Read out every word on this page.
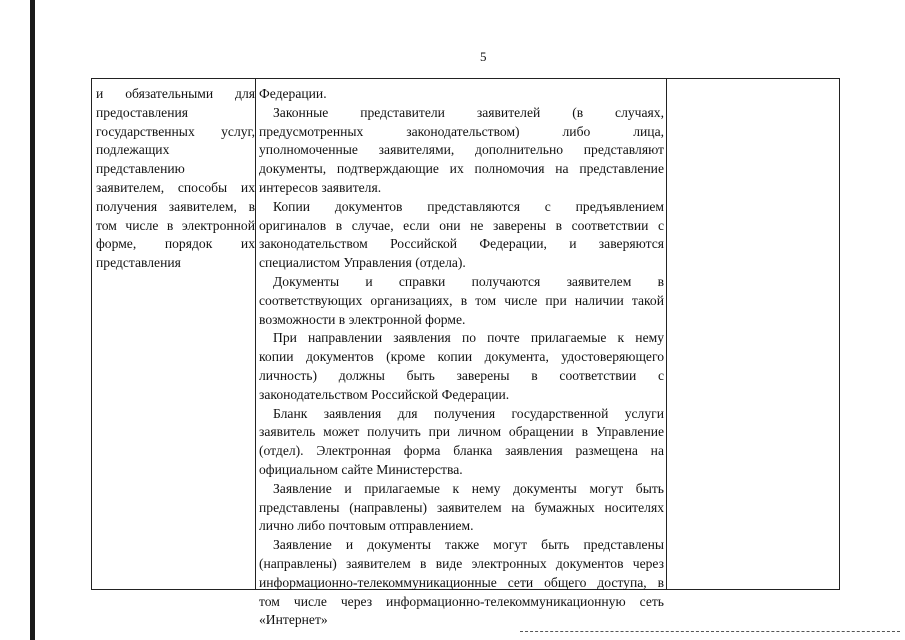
5
и обязательными для
предоставления
государственных услуг,
подлежащих
представлению
заявителем, способы их
получения заявителем, в
том числе в электронной
форме, порядок их
представления
Федерации.
Законные представители заявителей (в случаях,
предусмотренных законодательством) либо лица,
уполномоченные заявителями, дополнительно представляют
документы, подтверждающие их полномочия на представление
интересов заявителя.
Копии документов представляются с предъявлением
оригиналов в случае, если они не заверены в соответствии с
законодательством Российской Федерации, и заверяются
специалистом Управления (отдела).
Документы и справки получаются заявителем в
соответствующих организациях, в том числе при наличии такой
возможности в электронной форме.
При направлении заявления по почте прилагаемые к нему
копии документов (кроме копии документа, удостоверяющего
личность) должны быть заверены в соответствии с
законодательством Российской Федерации.
Бланк заявления для получения государственной услуги
заявитель может получить при личном обращении в Управление
(отдел). Электронная форма бланка заявления размещена на
официальном сайте Министерства.
Заявление и прилагаемые к нему документы могут быть
представлены (направлены) заявителем на бумажных носителях
лично либо почтовым отправлением.
Заявление и документы также могут быть представлены
(направлены) заявителем в виде электронных документов через
информационно-телекоммуникационные сети общего доступа, в
том числе через информационно-телекоммуникационную сеть
«Интернет»
